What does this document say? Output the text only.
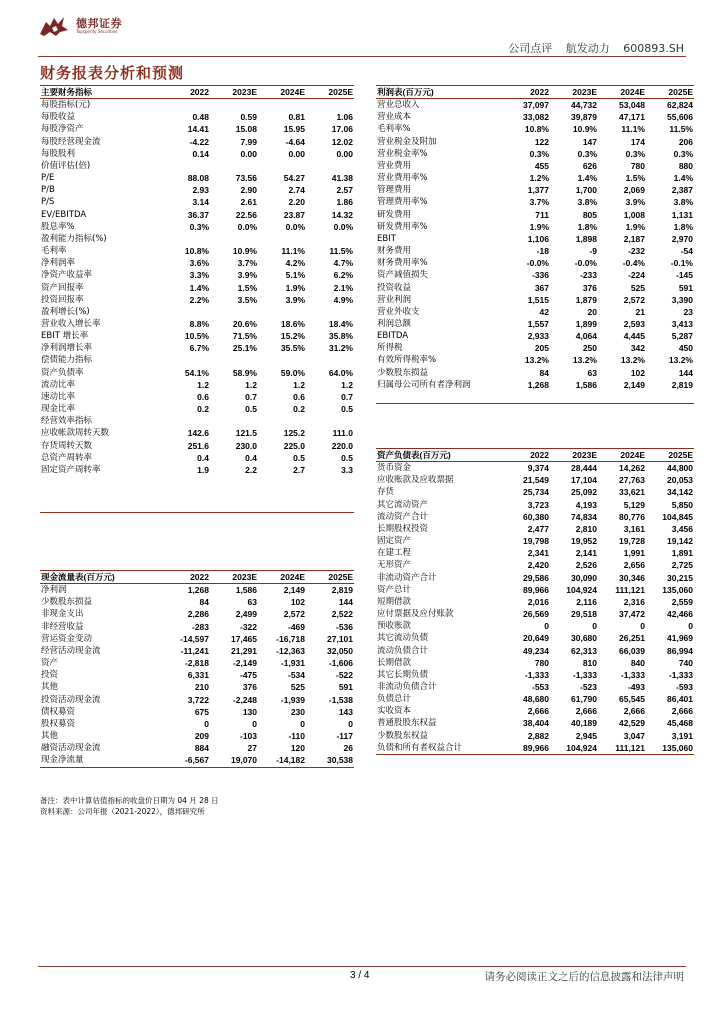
德邦证券
Topsperity Securities
公司点评 航发动力 600893.SH
财务报表分析和预测
主要财务指标	2022	2023E	2024E	2025E
每股指标(元)				
每股收益	0.48	0.59	0.81	1.06
每股净资产	14.41	15.08	15.95	17.06
每股经营现金流	-4.22	7.99	-4.64	12.02
每股股利	0.14	0.00	0.00	0.00
价值评估(倍)				
P/E	88.08	73.56	54.27	41.38
P/B	2.93	2.90	2.74	2.57
P/S	3.14	2.61	2.20	1.86
EV/EBITDA	36.37	22.56	23.87	14.32
股息率%	0.3%	0.0%	0.0%	0.0%
盈利能力指标(%)				
毛利率	10.8%	10.9%	11.1%	11.5%
净利润率	3.6%	3.7%	4.2%	4.7%
净资产收益率	3.3%	3.9%	5.1%	6.2%
资产回报率	1.4%	1.5%	1.9%	2.1%
投资回报率	2.2%	3.5%	3.9%	4.9%
盈利增长(%)				
营业收入增长率	8.8%	20.6%	18.6%	18.4%
EBIT 增长率	10.5%	71.5%	15.2%	35.8%
净利润增长率	6.7%	25.1%	35.5%	31.2%
偿债能力指标				
资产负债率	54.1%	58.9%	59.0%	64.0%
流动比率	1.2	1.2	1.2	1.2
速动比率	0.6	0.7	0.6	0.7
现金比率	0.2	0.5	0.2	0.5
经营效率指标				
应收帐款周转天数	142.6	121.5	125.2	111.0
存货周转天数	251.6	230.0	225.0	220.0
总资产周转率	0.4	0.4	0.5	0.5
固定资产周转率	1.9	2.2	2.7	3.3

利润表(百万元)	2022	2023E	2024E	2025E
营业总收入	37,097	44,732	53,048	62,824
营业成本	33,082	39,879	47,171	55,606
毛利率%	10.8%	10.9%	11.1%	11.5%
营业税金及附加	122	147	174	206
营业税金率%	0.3%	0.3%	0.3%	0.3%
营业费用	455	626	780	880
营业费用率%	1.2%	1.4%	1.5%	1.4%
管理费用	1,377	1,700	2,069	2,387
管理费用率%	3.7%	3.8%	3.9%	3.8%
研发费用	711	805	1,008	1,131
研发费用率%	1.9%	1.8%	1.9%	1.8%
EBIT	1,106	1,898	2,187	2,970
财务费用	-18	-9	-232	-54
财务费用率%	-0.0%	-0.0%	-0.4%	-0.1%
资产减值损失	-336	-233	-224	-145
投资收益	367	376	525	591
营业利润	1,515	1,879	2,572	3,390
营业外收支	42	20	21	23
利润总额	1,557	1,899	2,593	3,413
EBITDA	2,933	4,064	4,445	5,287
所得税	205	250	342	450
有效所得税率%	13.2%	13.2%	13.2%	13.2%
少数股东损益	84	63	102	144
归属母公司所有者净利润	1,268	1,586	2,149	2,819

资产负债表(百万元)	2022	2023E	2024E	2025E
货币资金	9,374	28,444	14,262	44,800
应收账款及应收票据	21,549	17,104	27,763	20,053
存货	25,734	25,092	33,621	34,142
其它流动资产	3,723	4,193	5,129	5,850
流动资产合计	60,380	74,834	80,776	104,845
长期股权投资	2,477	2,810	3,161	3,456
固定资产	19,798	19,952	19,728	19,142
在建工程	2,341	2,141	1,991	1,891
无形资产	2,420	2,526	2,656	2,725
非流动资产合计	29,586	30,090	30,346	30,215
资产总计	89,966	104,924	111,121	135,060
短期借款	2,016	2,116	2,316	2,559
应付票据及应付账款	26,569	29,518	37,472	42,466
预收账款	0	0	0	0
其它流动负债	20,649	30,680	26,251	41,969
流动负债合计	49,234	62,313	66,039	86,994
长期借款	780	810	840	740
其它长期负债	-1,333	-1,333	-1,333	-1,333
非流动负债合计	-553	-523	-493	-593
负债总计	48,680	61,790	65,545	86,401
实收资本	2,666	2,666	2,666	2,666
普通股股东权益	38,404	40,189	42,529	45,468
少数股东权益	2,882	2,945	3,047	3,191
负债和所有者权益合计	89,966	104,924	111,121	135,060
现金流量表(百万元)	2022	2023E	2024E	2025E
净利润	1,268	1,586	2,149	2,819
少数股东损益	84	63	102	144
非现金支出	2,286	2,499	2,572	2,522
非经营收益	-283	-322	-469	-536
营运资金变动	-14,597	17,465	-16,718	27,101
经营活动现金流	-11,241	21,291	-12,363	32,050
资产	-2,818	-2,149	-1,931	-1,606
投资	6,331	-475	-534	-522
其他	210	376	525	591
投资活动现金流	3,722	-2,248	-1,939	-1,538
债权募资	675	130	230	143
股权募资	0	0	0	0
其他	209	-103	-110	-117
融资活动现金流	884	27	120	26
现金净流量	-6,567	19,070	-14,182	30,538
备注：表中计算估值指标的收盘价日期为 04 月 28 日
资料来源：公司年报（2021-2022），德邦研究所
3 / 4	请务必阅读正文之后的信息披露和法律声明
